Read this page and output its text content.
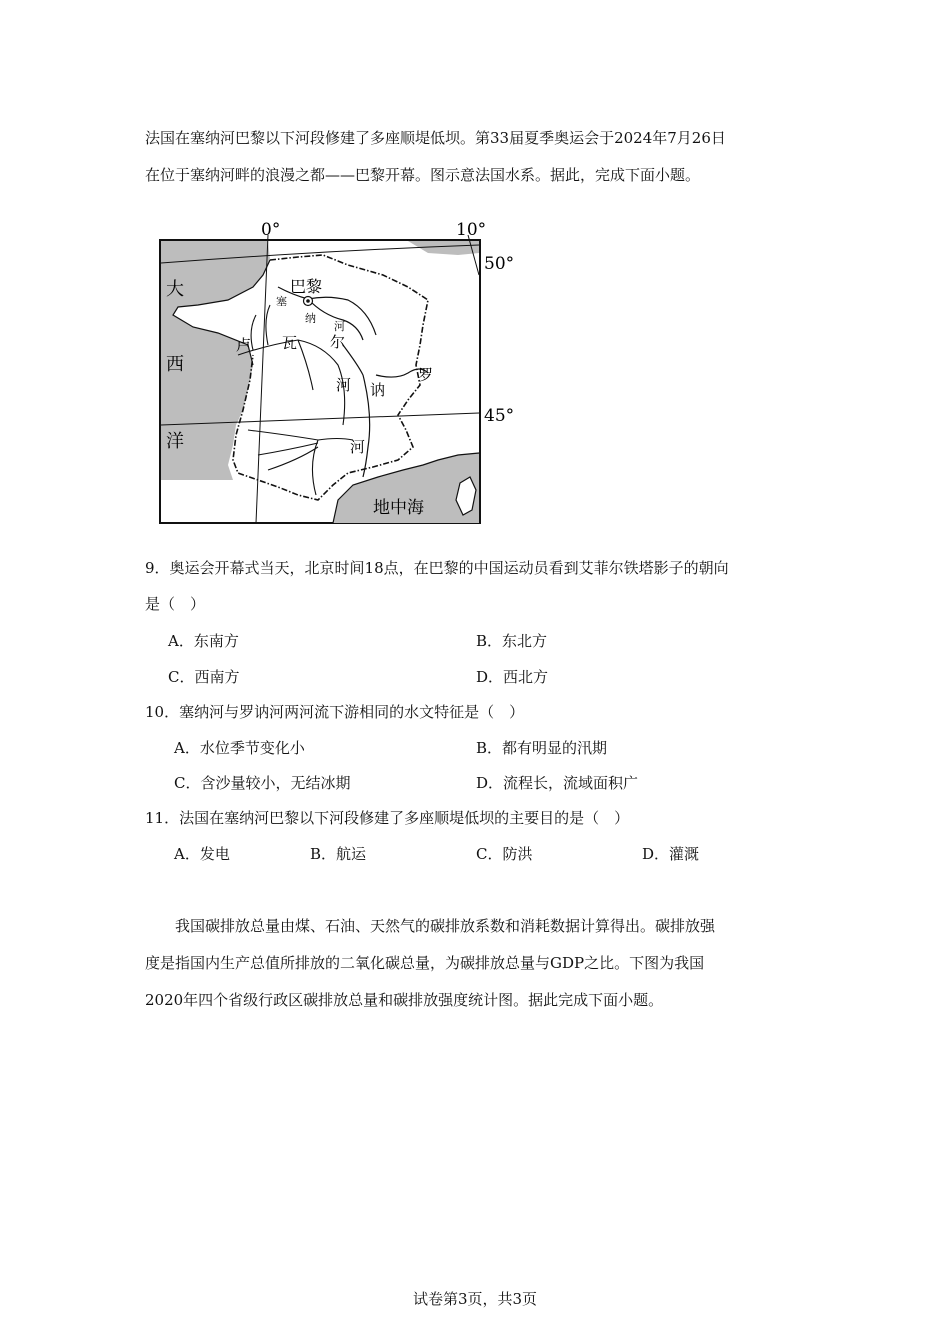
法国在塞纳河巴黎以下河段修建了多座顺堤低坝。第33届夏季奥运会于2024年7月26日
在位于塞纳河畔的浪漫之都——巴黎开幕。图示意法国水系。据此，完成下面小题。
0°	10°
50°
45°
大
西
洋
巴黎
塞
纳
河
卢 瓦 尔
河
罗
讷
河
地中海
9．奥运会开幕式当天，北京时间18点，在巴黎的中国运动员看到艾菲尔铁塔影子的朝向
是（　）
A．东南方	B．东北方
C．西南方	D．西北方
10．塞纳河与罗讷河两河流下游相同的水文特征是（　）
A．水位季节变化小	B．都有明显的汛期
C．含沙量较小，无结冰期	D．流程长，流域面积广
11．法国在塞纳河巴黎以下河段修建了多座顺堤低坝的主要目的是（　）
A．发电	B．航运	C．防洪	D．灌溉
我国碳排放总量由煤、石油、天然气的碳排放系数和消耗数据计算得出。碳排放强
度是指国内生产总值所排放的二氧化碳总量，为碳排放总量与GDP之比。下图为我国
2020年四个省级行政区碳排放总量和碳排放强度统计图。据此完成下面小题。
试卷第3页，共3页
